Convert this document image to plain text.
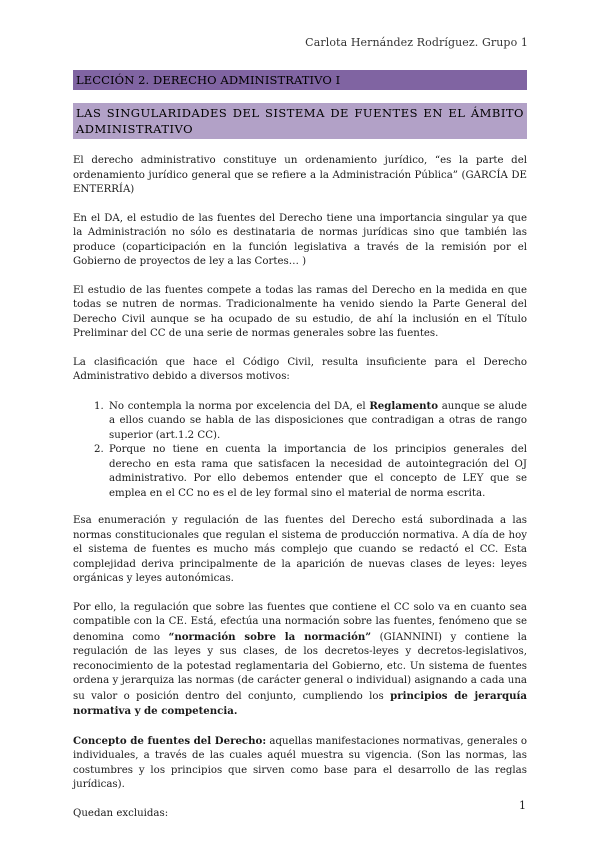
Carlota Hernández Rodríguez. Grupo 1
LECCIÓN 2. DERECHO ADMINISTRATIVO I
LAS SINGULARIDADES DEL SISTEMA DE FUENTES EN EL ÁMBITO ADMINISTRATIVO

El derecho administrativo constituye un ordenamiento jurídico, “es la parte del ordenamiento jurídico general que se refiere a la Administración Pública” (GARCÍA DE ENTERRÍA)

En el DA, el estudio de las fuentes del Derecho tiene una importancia singular ya que la Administración no sólo es destinataria de normas jurídicas sino que también las produce (coparticipación en la función legislativa a través de la remisión por el Gobierno de proyectos de ley a las Cortes… )

El estudio de las fuentes compete a todas las ramas del Derecho en la medida en que todas se nutren de normas. Tradicionalmente ha venido siendo la Parte General del Derecho Civil aunque se ha ocupado de su estudio, de ahí la inclusión en el Título Preliminar del CC de una serie de normas generales sobre las fuentes.

La clasificación que hace el Código Civil, resulta insuficiente para el Derecho Administrativo debido a diversos motivos:

1. No contempla la norma por excelencia del DA, el Reglamento aunque se alude a ellos cuando se habla de las disposiciones que contradigan a otras de rango superior (art.1.2 CC).
2. Porque no tiene en cuenta la importancia de los principios generales del derecho en esta rama que satisfacen la necesidad de autointegración del OJ administrativo. Por ello debemos entender que el concepto de LEY que se emplea en el CC no es el de ley formal sino el material de norma escrita.

Esa enumeración y regulación de las fuentes del Derecho está subordinada a las normas constitucionales que regulan el sistema de producción normativa. A día de hoy el sistema de fuentes es mucho más complejo que cuando se redactó el CC. Esta complejidad deriva principalmente de la aparición de nuevas clases de leyes: leyes orgánicas y leyes autonómicas.

Por ello, la regulación que sobre las fuentes que contiene el CC solo va en cuanto sea compatible con la CE. Está, efectúa una normación sobre las fuentes, fenómeno que se denomina como “normación sobre la normación” (GIANNINI) y contiene la regulación de las leyes y sus clases, de los decretos-leyes y decretos-legislativos, reconocimiento de la potestad reglamentaria del Gobierno, etc. Un sistema de fuentes ordena y jerarquiza las normas (de carácter general o individual) asignando a cada una su valor o posición dentro del conjunto, cumpliendo los principios de jerarquía normativa y de competencia.

Concepto de fuentes del Derecho: aquellas manifestaciones normativas, generales o individuales, a través de las cuales aquél muestra su vigencia. (Son las normas, las costumbres y los principios que sirven como base para el desarrollo de las reglas jurídicas).

Quedan excluidas:

1
